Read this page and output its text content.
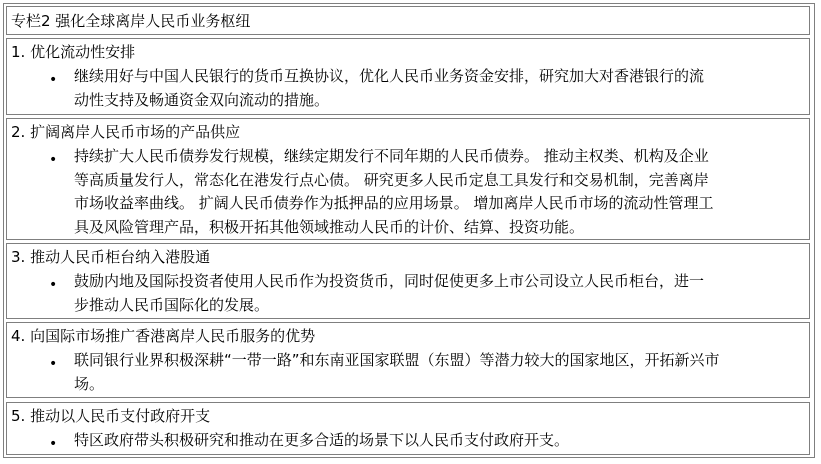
专栏2 强化全球离岸人民币业务枢纽
1. 优化流动性安排
• 继续用好与中国人民银行的货币互换协议，优化人民币业务资金安排，研究加大对香港银行的流
动性支持及畅通资金双向流动的措施。
2. 扩阔离岸人民币市场的产品供应
• 持续扩大人民币债券发行规模，继续定期发行不同年期的人民币债券。 推动主权类、机构及企业
等高质量发行人，常态化在港发行点心债。 研究更多人民币定息工具发行和交易机制，完善离岸
市场收益率曲线。 扩阔人民币债券作为抵押品的应用场景。 增加离岸人民币市场的流动性管理工
具及风险管理产品，积极开拓其他领域推动人民币的计价、结算、投资功能。
3. 推动人民币柜台纳入港股通
• 鼓励内地及国际投资者使用人民币作为投资货币，同时促使更多上市公司设立人民币柜台，进一
步推动人民币国际化的发展。
4. 向国际市场推广香港离岸人民币服务的优势
• 联同银行业界积极深耕“一带一路”和东南亚国家联盟（东盟）等潜力较大的国家地区，开拓新兴市
场。
5. 推动以人民币支付政府开支
• 特区政府带头积极研究和推动在更多合适的场景下以人民币支付政府开支。
